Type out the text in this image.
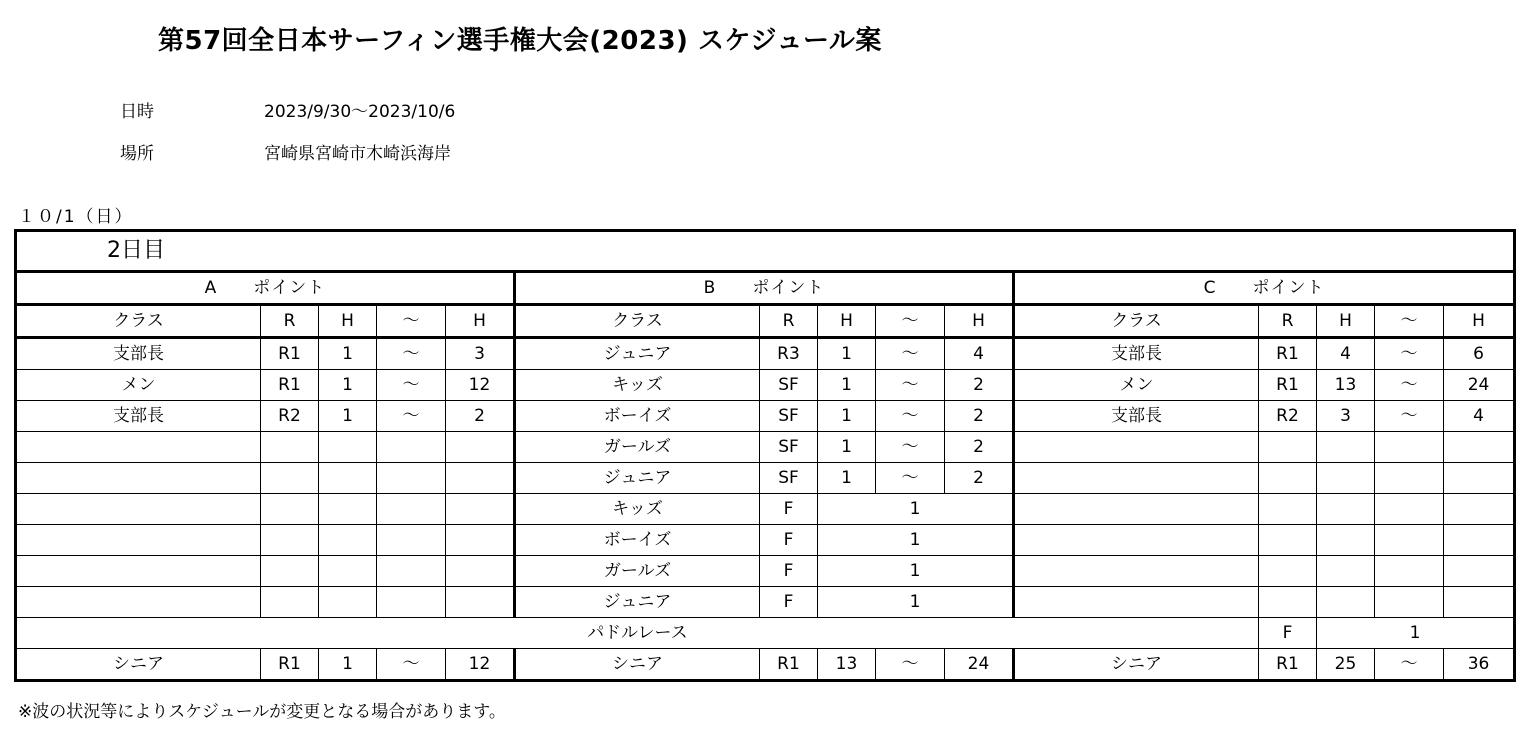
第57回全日本サーフィン選手権大会(2023) スケジュール案
日時	2023/9/30～2023/10/6
場所	宮崎県宮崎市木崎浜海岸
１０/1（日）
2日目														
A　　ポイント					B　　ポイント					C　　ポイント				
クラス	R	H	～	H	クラス	R	H	～	H	クラス	R	H	～	H
支部長	R1	1	～	3	ジュニア	R3	1	～	4	支部長	R1	4	～	6
メン	R1	1	～	12	キッズ	SF	1	～	2	メン	R1	13	～	24
支部長	R2	1	～	2	ボーイズ	SF	1	～	2	支部長	R2	3	～	4
					ガールズ	SF	1	～	2					
					ジュニア	SF	1	～	2					
					キッズ	F	1							
					ボーイズ	F	1							
					ガールズ	F	1							
					ジュニア	F	1							
パドルレース											F	1		
シニア	R1	1	～	12	シニア	R1	13	～	24	シニア	R1	25	～	36
※波の状況等によりスケジュールが変更となる場合があります。
